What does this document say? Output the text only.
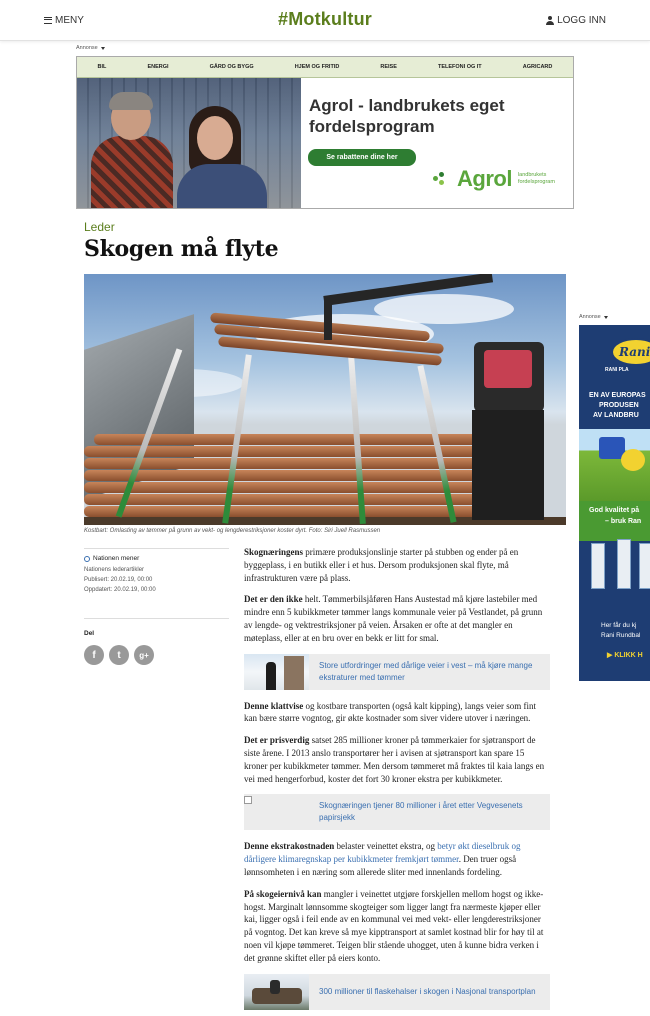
MENY	#Motkultur	LOGG INN
Annonse
BIL	ENERGI	GÅRD OG BYGG	HJEM OG FRITID	REISE	TELEFONI OG IT	AGRICARD
Agrol - landbrukets eget fordelsprogram
Se rabattene dine her
Agrol landbrukets
fordelsprogram
Leder
Skogen må flyte
Kostbart: Omlasting av tømmer på grunn av vekt- og lengderestriksjoner koster dyrt. Foto: Siri Juell Rasmussen
Nationen mener
Nationens lederartikler
Publisert: 20.02.19, 00:00
Oppdatert: 20.02.19, 00:00
Del
f	t	g+

Skognæringens primære produksjonslinje starter på stubben og ender på en byggeplass, i en butikk eller i et hus. Dersom produksjonen skal flyte, må infrastrukturen være på plass.

Det er den ikke helt. Tømmerbilsjåføren Hans Austestad må kjøre lastebiler med mindre enn 5 kubikkmeter tømmer langs kommunale veier på Vestlandet, på grunn av lengde- og vektrestriksjoner på veien. Årsaken er ofte at det mangler en møteplass, eller at en bru over en bekk er litt for smal.

Store utfordringer med dårlige veier i vest – må kjøre mange ekstraturer med tømmer

Denne klattvise og kostbare transporten (også kalt kipping), langs veier som fint kan bære større vogntog, gir økte kostnader som siver videre utover i næringen.

Det er prisverdig satset 285 millioner kroner på tømmerkaier for sjøtransport de siste årene. I 2013 anslo transportører her i avisen at sjøtransport kan spare 15 kroner per kubikkmeter tømmer. Men dersom tømmeret må fraktes til kaia langs en vei med hengerforbud, koster det fort 30 kroner ekstra per kubikkmeter.

Skognæringen tjener 80 millioner i året etter Vegvesenets papirsjekk

Denne ekstrakostnaden belaster veinettet ekstra, og betyr økt dieselbruk og dårligere klimaregnskap per kubikkmeter fremkjørt tømmer. Den truer også lønnsomheten i en næring som allerede sliter med innenlands fordeling.

På skogeiernivå kan mangler i veinettet utgjøre forskjellen mellom hogst og ikke-hogst. Marginalt lønnsomme skogteiger som ligger langt fra nærmeste kjøper eller kai, ligger også i feil ende av en kommunal vei med vekt- eller lengderestriksjoner på vogntog. Det kan kreve så mye kipptransport at samlet kostnad blir for høy til at noen vil kjøpe tømmeret. Teigen blir stående uhogget, uten å kunne bidra verken i det grønne skiftet eller på eiers konto.

300 millioner til flaskehalser i skogen i Nasjonal transportplan
Annonse
Rani
RANI PLA
EN AV EUROPAS
PRODUSEN
AV LANDBRU
God kvalitet på
– bruk Ran
Her får du kj
Rani Rundbal
▶ KLIKK H
